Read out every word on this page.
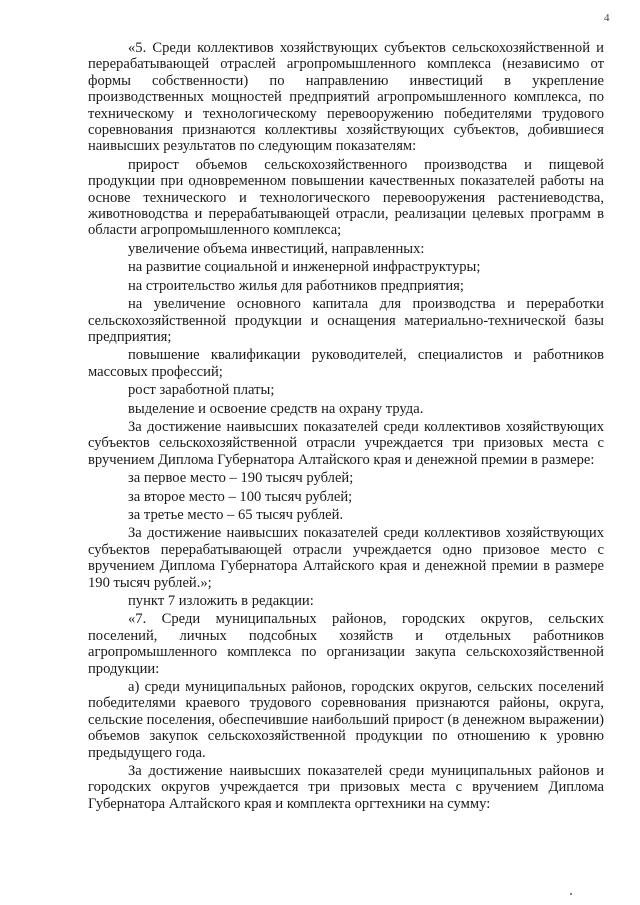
4

«5. Среди коллективов хозяйствующих субъектов сельскохозяйственной и перерабатывающей отраслей агропромышленного комплекса (независимо от формы собственности) по направлению инвестиций в укрепление производственных мощностей предприятий агропромышленного комплекса, по техническому и технологическому перевооружению победителями трудового соревнования признаются коллективы хозяйствующих субъектов, добившиеся наивысших результатов по следующим показателям:

прирост объемов сельскохозяйственного производства и пищевой продукции при одновременном повышении качественных показателей работы на основе технического и технологического перевооружения растениеводства, животноводства и перерабатывающей отрасли, реализации целевых программ в области агропромышленного комплекса;

увеличение объема инвестиций, направленных:

на развитие социальной и инженерной инфраструктуры;

на строительство жилья для работников предприятия;

на увеличение основного капитала для производства и переработки сельскохозяйственной продукции и оснащения материально-технической базы предприятия;

повышение квалификации руководителей, специалистов и работников массовых профессий;

рост заработной платы;

выделение и освоение средств на охрану труда.

За достижение наивысших показателей среди коллективов хозяйствующих субъектов сельскохозяйственной отрасли учреждается три призовых места с вручением Диплома Губернатора Алтайского края и денежной премии в размере:

за первое место – 190 тысяч рублей;

за второе место – 100 тысяч рублей;

за третье место – 65 тысяч рублей.

За достижение наивысших показателей среди коллективов хозяйствующих субъектов перерабатывающей отрасли учреждается одно призовое место с вручением Диплома Губернатора Алтайского края и денежной премии в размере 190 тысяч рублей.»;

пункт 7 изложить в редакции:

«7. Среди муниципальных районов, городских округов, сельских поселений, личных подсобных хозяйств и отдельных работников агропромышленного комплекса по организации закупа сельскохозяйственной продукции:

а) среди муниципальных районов, городских округов, сельских поселений победителями краевого трудового соревнования признаются районы, округа, сельские поселения, обеспечившие наибольший прирост (в денежном выражении) объемов закупок сельскохозяйственной продукции по отношению к уровню предыдущего года.

За достижение наивысших показателей среди муниципальных районов и городских округов учреждается три призовых места с вручением Диплома Губернатора Алтайского края и комплекта оргтехники на сумму:
